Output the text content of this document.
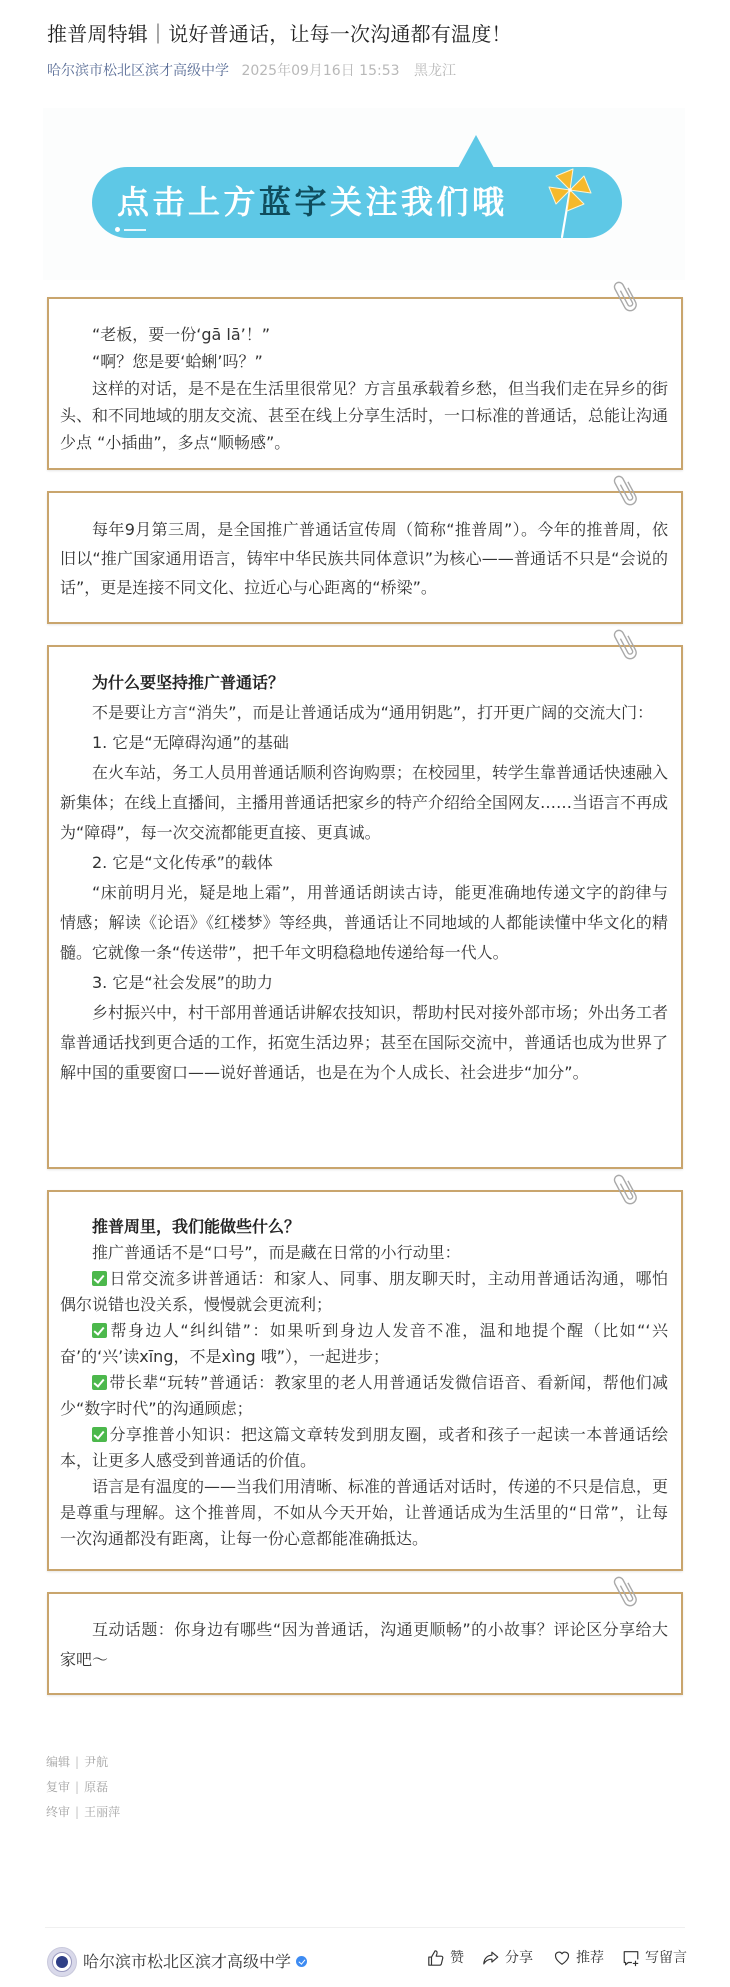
推普周特辑｜说好普通话，让每一次沟通都有温度！
哈尔滨市松北区滨才高级中学 2025年09月16日 15:53 黑龙江
点击上方蓝字关注我们哦

“老板，要一份‘gā lā’！”

“啊？您是要‘蛤蜊’吗？”

这样的对话，是不是在生活里很常见？方言虽承载着乡愁，但当我们走在异乡的街头、和不同地域的朋友交流、甚至在线上分享生活时，一口标准的普通话，总能让沟通少点 “小插曲”，多点“顺畅感”。

每年9月第三周，是全国推广普通话宣传周（简称“推普周”）。今年的推普周，依旧以“推广国家通用语言，铸牢中华民族共同体意识”为核心——普通话不只是“会说的话”，更是连接不同文化、拉近心与心距离的“桥梁”。

为什么要坚持推广普通话？

不是要让方言“消失”，而是让普通话成为“通用钥匙”，打开更广阔的交流大门：

1. 它是“无障碍沟通”的基础

在火车站，务工人员用普通话顺利咨询购票；在校园里，转学生靠普通话快速融入新集体；在线上直播间，主播用普通话把家乡的特产介绍给全国网友……当语言不再成为“障碍”，每一次交流都能更直接、更真诚。

2. 它是“文化传承”的载体

“床前明月光，疑是地上霜”，用普通话朗读古诗，能更准确地传递文字的韵律与情感；解读《论语》《红楼梦》等经典，普通话让不同地域的人都能读懂中华文化的精髓。它就像一条“传送带”，把千年文明稳稳地传递给每一代人。

3. 它是“社会发展”的助力

乡村振兴中，村干部用普通话讲解农技知识，帮助村民对接外部市场；外出务工者靠普通话找到更合适的工作，拓宽生活边界；甚至在国际交流中，普通话也成为世界了解中国的重要窗口——说好普通话，也是在为个人成长、社会进步“加分”。

推普周里，我们能做些什么？

推广普通话不是“口号”，而是藏在日常的小行动里：

日常交流多讲普通话：和家人、同事、朋友聊天时，主动用普通话沟通，哪怕偶尔说错也没关系，慢慢就会更流利；

帮身边人“纠纠错”：如果听到身边人发音不准，温和地提个醒（比如“‘兴奋’的‘兴’读xīng，不是xìng 哦”），一起进步；

带长辈“玩转”普通话：教家里的老人用普通话发微信语音、看新闻，帮他们减少“数字时代”的沟通顾虑；

分享推普小知识：把这篇文章转发到朋友圈，或者和孩子一起读一本普通话绘本，让更多人感受到普通话的价值。

语言是有温度的——当我们用清晰、标准的普通话对话时，传递的不只是信息，更是尊重与理解。这个推普周，不如从今天开始，让普通话成为生活里的“日常”，让每一次沟通都没有距离，让每一份心意都能准确抵达。

互动话题：你身边有哪些“因为普通话，沟通更顺畅”的小故事？评论区分享给大家吧～

编辑 | 尹航
复审 | 原磊
终审 | 王丽萍
哈尔滨市松北区滨才高级中学	赞	分享	推荐	写留言
